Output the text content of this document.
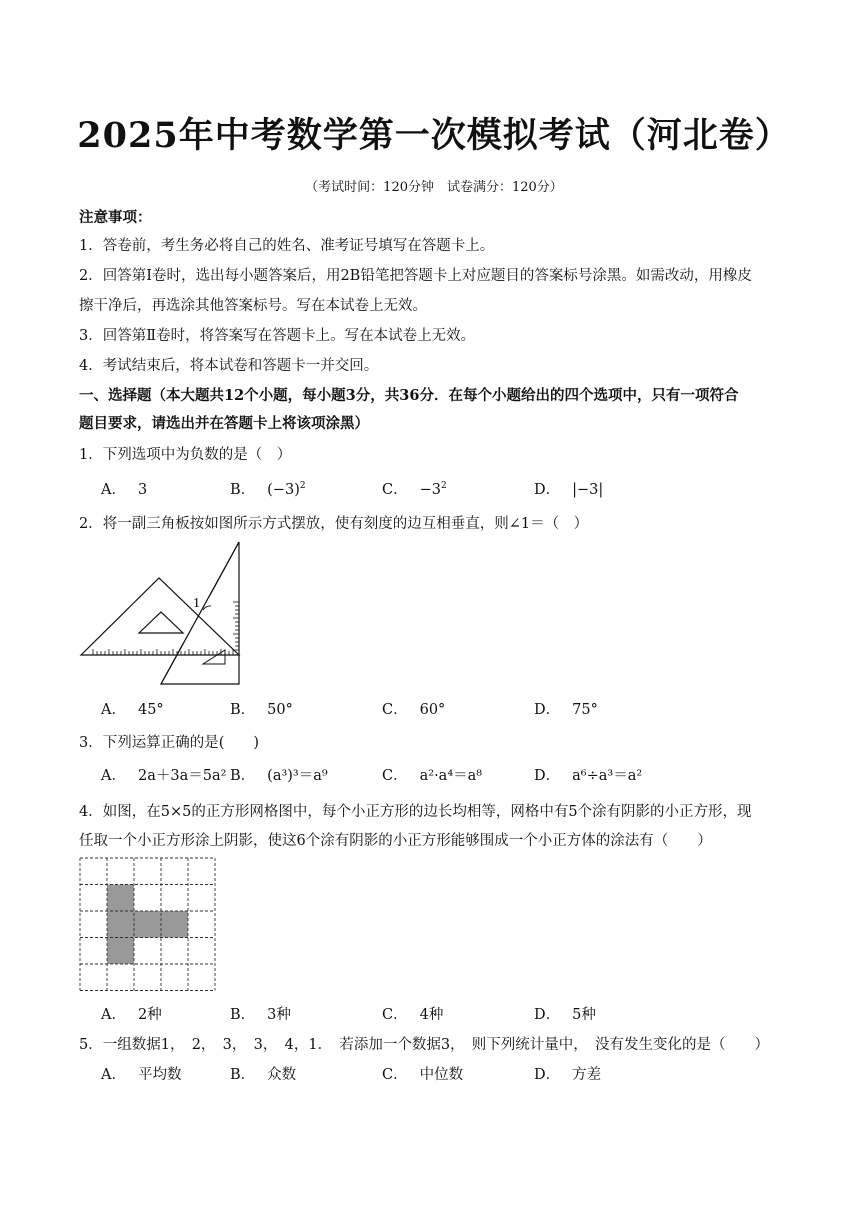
2025年中考数学第一次模拟考试（河北卷）
（考试时间：120分钟　试卷满分：120分）
注意事项：
1．答卷前，考生务必将自己的姓名、准考证号填写在答题卡上。
2．回答第Ⅰ卷时，选出每小题答案后，用2B铅笔把答题卡上对应题目的答案标号涂黑。如需改动，用橡皮
擦干净后，再选涂其他答案标号。写在本试卷上无效。
3．回答第Ⅱ卷时，将答案写在答题卡上。写在本试卷上无效。
4．考试结束后，将本试卷和答题卡一并交回。
一、选择题（本大题共12个小题，每小题3分，共36分．在每个小题给出的四个选项中，只有一项符合
题目要求，请选出并在答题卡上将该项涂黑）
1．下列选项中为负数的是（　）
A． 3	B． $(-3)^2$	C． $-3^2$	D． |−3|
2．将一副三角板按如图所示方式摆放，使有刻度的边互相垂直，则∠1＝（　）
1
A． 45°	B． 50°	C． 60°	D． 75°
3．下列运算正确的是(　　)
A． 2a＋3a＝5a² B． (a³)³＝a⁹	C． a²·a⁴＝a⁸	D． a⁶÷a³＝a²
4．如图，在5×5的正方形网格图中，每个小正方形的边长均相等，网格中有5个涂有阴影的小正方形，现
任取一个小正方形涂上阴影，使这6个涂有阴影的小正方形能够围成一个小正方体的涂法有（　　）
A． 2种	B． 3种	C． 4种	D． 5种
5．一组数据1，　2，　3，　3，　4，1．　若添加一个数据3，　则下列统计量中，　没有发生变化的是（　　）
A． 平均数	B． 众数	C． 中位数	D． 方差
